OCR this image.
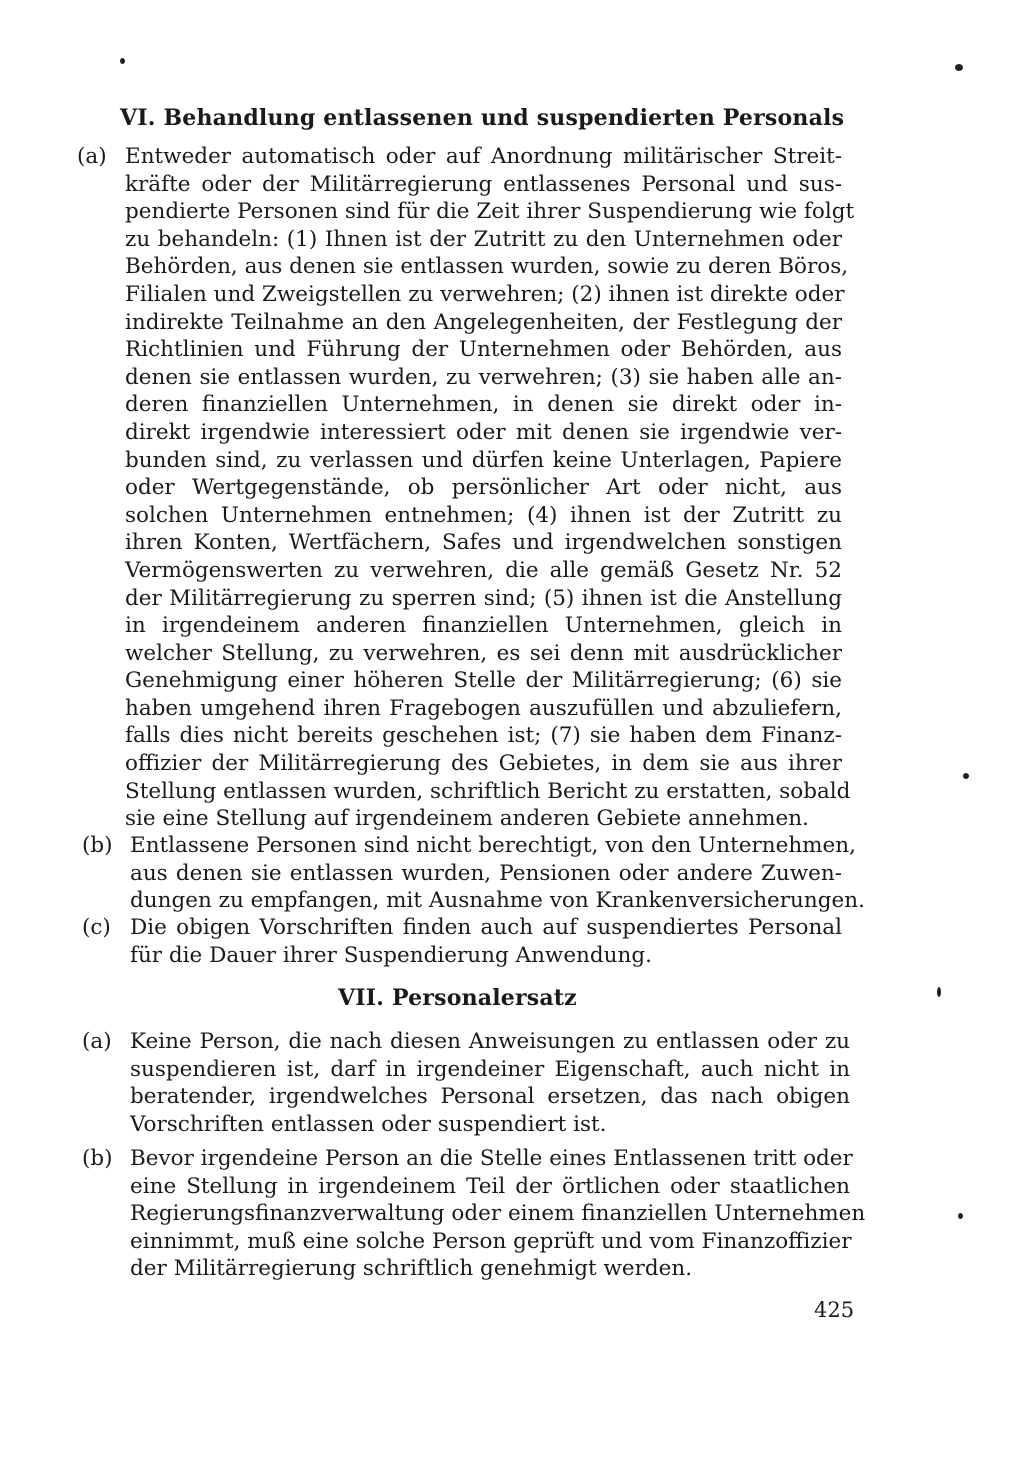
VI. Behandlung entlassenen und suspendierten Personals
(a) Entweder automatisch oder auf Anordnung militärischer Streit-
kräfte oder der Militärregierung entlassenes Personal und sus-
pendierte Personen sind für die Zeit ihrer Suspendierung wie folgt
zu behandeln: (1) Ihnen ist der Zutritt zu den Unternehmen oder
Behörden, aus denen sie entlassen wurden, sowie zu deren Böros,
Filialen und Zweigstellen zu verwehren; (2) ihnen ist direkte oder
indirekte Teilnahme an den Angelegenheiten, der Festlegung der
Richtlinien und Führung der Unternehmen oder Behörden, aus
denen sie entlassen wurden, zu verwehren; (3) sie haben alle an-
deren finanziellen Unternehmen, in denen sie direkt oder in-
direkt irgendwie interessiert oder mit denen sie irgendwie ver-
bunden sind, zu verlassen und dürfen keine Unterlagen, Papiere
oder Wertgegenstände, ob persönlicher Art oder nicht, aus
solchen Unternehmen entnehmen; (4) ihnen ist der Zutritt zu
ihren Konten, Wertfächern, Safes und irgendwelchen sonstigen
Vermögenswerten zu verwehren, die alle gemäß Gesetz Nr. 52
der Militärregierung zu sperren sind; (5) ihnen ist die Anstellung
in irgendeinem anderen finanziellen Unternehmen, gleich in
welcher Stellung, zu verwehren, es sei denn mit ausdrücklicher
Genehmigung einer höheren Stelle der Militärregierung; (6) sie
haben umgehend ihren Fragebogen auszufüllen und abzuliefern,
falls dies nicht bereits geschehen ist; (7) sie haben dem Finanz-
offizier der Militärregierung des Gebietes, in dem sie aus ihrer
Stellung entlassen wurden, schriftlich Bericht zu erstatten, sobald
sie eine Stellung auf irgendeinem anderen Gebiete annehmen.
(b) Entlassene Personen sind nicht berechtigt, von den Unternehmen,
aus denen sie entlassen wurden, Pensionen oder andere Zuwen-
dungen zu empfangen, mit Ausnahme von Krankenversicherungen.
(c) Die obigen Vorschriften finden auch auf suspendiertes Personal
für die Dauer ihrer Suspendierung Anwendung.
VII. Personalersatz
(a) Keine Person, die nach diesen Anweisungen zu entlassen oder zu
suspendieren ist, darf in irgendeiner Eigenschaft, auch nicht in
beratender, irgendwelches Personal ersetzen, das nach obigen
Vorschriften entlassen oder suspendiert ist.
(b) Bevor irgendeine Person an die Stelle eines Entlassenen tritt oder
eine Stellung in irgendeinem Teil der örtlichen oder staatlichen
Regierungsfinanzverwaltung oder einem finanziellen Unternehmen
einnimmt, muß eine solche Person geprüft und vom Finanzoffizier
der Militärregierung schriftlich genehmigt werden.
425
